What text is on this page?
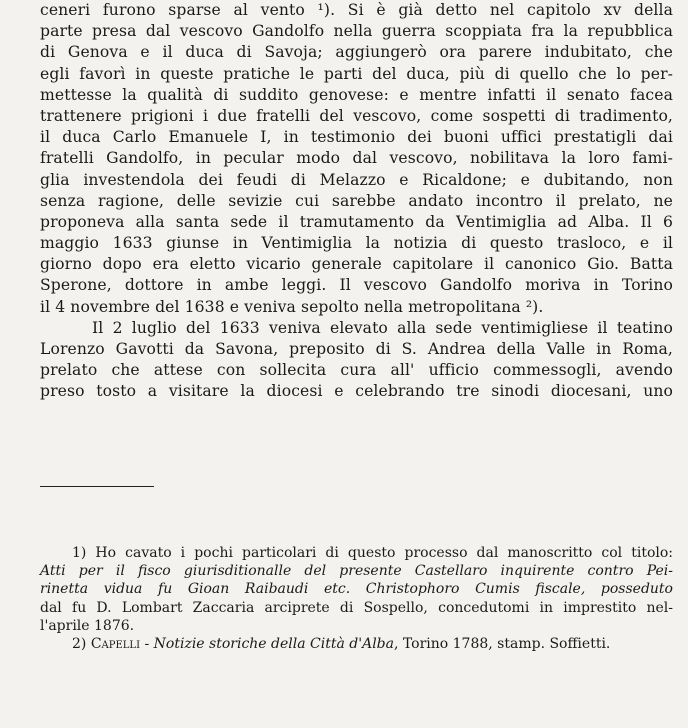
ceneri furono sparse al vento ¹). Si è già detto nel capitolo xv della
parte presa dal vescovo Gandolfo nella guerra scoppiata fra la repubblica
di Genova e il duca di Savoja; aggiungerò ora parere indubitato, che
egli favorì in queste pratiche le parti del duca, più di quello che lo per-
mettesse la qualità di suddito genovese: e mentre infatti il senato facea
trattenere prigioni i due fratelli del vescovo, come sospetti di tradimento,
il duca Carlo Emanuele I, in testimonio dei buoni uffici prestatigli dai
fratelli Gandolfo, in pecular modo dal vescovo, nobilitava la loro fami-
glia investendola dei feudi di Melazzo e Ricaldone; e dubitando, non
senza ragione, delle sevizie cui sarebbe andato incontro il prelato, ne
proponeva alla santa sede il tramutamento da Ventimiglia ad Alba. Il 6
maggio 1633 giunse in Ventimiglia la notizia di questo trasloco, e il
giorno dopo era eletto vicario generale capitolare il canonico Gio. Batta
Sperone, dottore in ambe leggi. Il vescovo Gandolfo moriva in Torino
il 4 novembre del 1638 e veniva sepolto nella metropolitana ²).
Il 2 luglio del 1633 veniva elevato alla sede ventimigliese il teatino
Lorenzo Gavotti da Savona, preposito di S. Andrea della Valle in Roma,
prelato che attese con sollecita cura all' ufficio commessogli, avendo
preso tosto a visitare la diocesi e celebrando tre sinodi diocesani, uno
1) Ho cavato i pochi particolari di questo processo dal manoscritto col titolo:
Atti per il fisco giurisditionalle del presente Castellaro inquirente contro Pei-
rinetta vidua fu Gioan Raibaudi etc. Christophoro Cumis fiscale, posseduto
dal fu D. Lombart Zaccaria arciprete di Sospello, concedutomi in imprestito nel-
l'aprile 1876.
2) Capelli - Notizie storiche della Città d'Alba, Torino 1788, stamp. Soffietti.
